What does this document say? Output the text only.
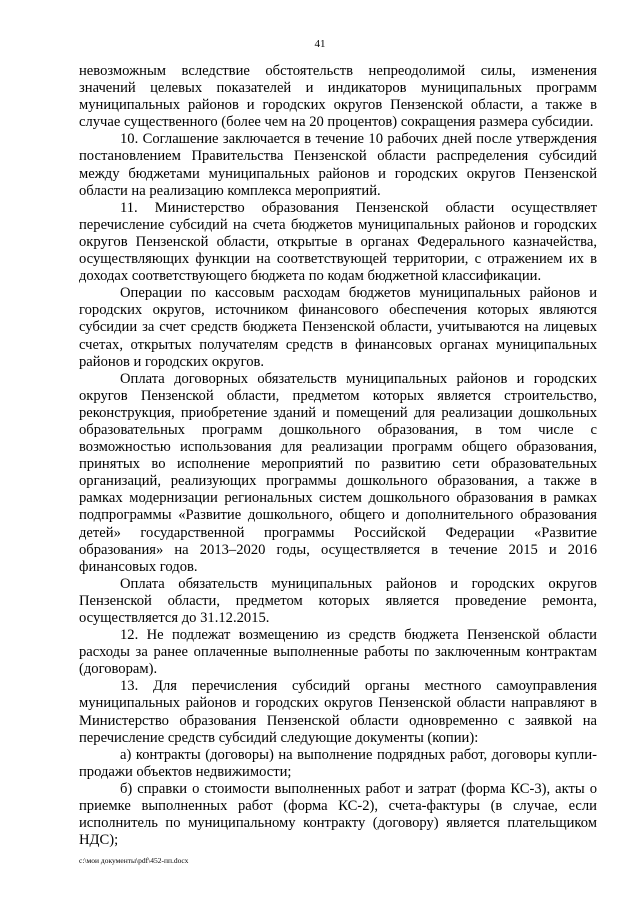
41

невозможным вследствие обстоятельств непреодолимой силы, изменения значений целевых показателей и индикаторов муниципальных программ муниципальных районов и городских округов Пензенской области, а также в случае существенного (более чем на 20 процентов) сокращения размера субсидии.

10. Соглашение заключается в течение 10 рабочих дней после утверждения постановлением Правительства Пензенской области распределения субсидий между бюджетами муниципальных районов и городских округов Пензенской области на реализацию комплекса мероприятий.

11. Министерство образования Пензенской области осуществляет перечисление субсидий на счета бюджетов муниципальных районов и городских округов Пензенской области, открытые в органах Федерального казначейства, осуществляющих функции на соответствующей территории, с отражением их в доходах соответствующего бюджета по кодам бюджетной классификации.

Операции по кассовым расходам бюджетов муниципальных районов и городских округов, источником финансового обеспечения которых являются субсидии за счет средств бюджета Пензенской области, учитываются на лицевых счетах, открытых получателям средств в финансовых органах муниципальных районов и городских округов.

Оплата договорных обязательств муниципальных районов и городских округов Пензенской области, предметом которых является строительство, реконструкция, приобретение зданий и помещений для реализации дошкольных образовательных программ дошкольного образования, в том числе с возможностью использования для реализации программ общего образования, принятых во исполнение мероприятий по развитию сети образовательных организаций, реализующих программы дошкольного образования, а также в рамках модернизации региональных систем дошкольного образования в рамках подпрограммы «Развитие дошкольного, общего и дополнительного образования детей» государственной программы Российской Федерации «Развитие образования» на 2013–2020 годы, осуществляется в течение 2015 и 2016 финансовых годов.

Оплата обязательств муниципальных районов и городских округов Пензенской области, предметом которых является проведение ремонта, осуществляется до 31.12.2015.

12. Не подлежат возмещению из средств бюджета Пензенской области расходы за ранее оплаченные выполненные работы по заключенным контрактам (договорам).

13. Для перечисления субсидий органы местного самоуправления муниципальных районов и городских округов Пензенской области направляют в Министерство образования Пензенской области одновременно с заявкой на перечисление средств субсидий следующие документы (копии):

а) контракты (договоры) на выполнение подрядных работ, договоры купли-продажи объектов недвижимости;

б) справки о стоимости выполненных работ и затрат (форма КС-3), акты о приемке выполненных работ (форма КС-2), счета-фактуры (в случае, если исполнитель по муниципальному контракту (договору) является плательщиком НДС);

c:\мои документы\pdf\452-пп.docx
